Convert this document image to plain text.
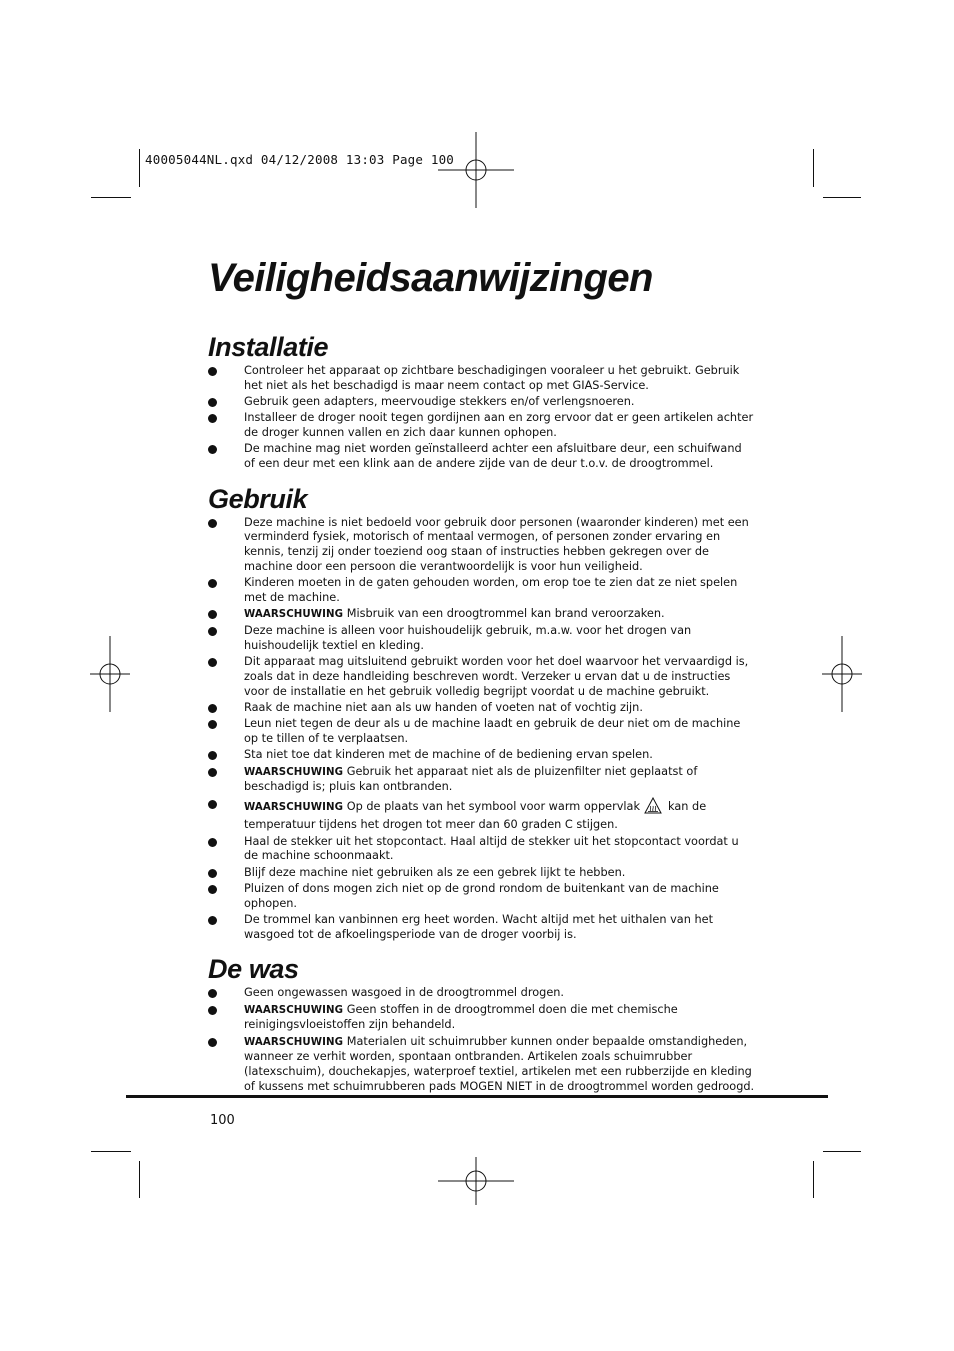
40005044NL.qxd 04/12/2008 13:03 Page 100
Veiligheidsaanwijzingen
Installatie
Controleer het apparaat op zichtbare beschadigingen vooraleer u het gebruikt. Gebruik het niet als het beschadigd is maar neem contact op met GIAS-Service.
Gebruik geen adapters, meervoudige stekkers en/of verlengsnoeren.
Installeer de droger nooit tegen gordijnen aan en zorg ervoor dat er geen artikelen achter de droger kunnen vallen en zich daar kunnen ophopen.
De machine mag niet worden geïnstalleerd achter een afsluitbare deur, een schuifwand of een deur met een klink aan de andere zijde van de deur t.o.v. de droogtrommel.
Gebruik
Deze machine is niet bedoeld voor gebruik door personen (waaronder kinderen) met een verminderd fysiek, motorisch of mentaal vermogen, of personen zonder ervaring en kennis, tenzij zij onder toeziend oog staan of instructies hebben gekregen over de machine door een persoon die verantwoordelijk is voor hun veiligheid.
Kinderen moeten in de gaten gehouden worden, om erop toe te zien dat ze niet spelen met de machine.
WAARSCHUWING Misbruik van een droogtrommel kan brand veroorzaken.
Deze machine is alleen voor huishoudelijk gebruik, m.a.w. voor het drogen van huishoudelijk textiel en kleding.
Dit apparaat mag uitsluitend gebruikt worden voor het doel waarvoor het vervaardigd is, zoals dat in deze handleiding beschreven wordt. Verzeker u ervan dat u de instructies voor de installatie en het gebruik volledig begrijpt voordat u de machine gebruikt.
Raak de machine niet aan als uw handen of voeten nat of vochtig zijn.
Leun niet tegen de deur als u de machine laadt en gebruik de deur niet om de machine op te tillen of te verplaatsen.
Sta niet toe dat kinderen met de machine of de bediening ervan spelen.
WAARSCHUWING Gebruik het apparaat niet als de pluizenfilter niet geplaatst of beschadigd is; pluis kan ontbranden.
WAARSCHUWING Op de plaats van het symbool voor warm oppervlak kan de temperatuur tijdens het drogen tot meer dan 60 graden C stijgen.
Haal de stekker uit het stopcontact. Haal altijd de stekker uit het stopcontact voordat u de machine schoonmaakt.
Blijf deze machine niet gebruiken als ze een gebrek lijkt te hebben.
Pluizen of dons mogen zich niet op de grond rondom de buitenkant van de machine ophopen.
De trommel kan vanbinnen erg heet worden. Wacht altijd met het uithalen van het wasgoed tot de afkoelingsperiode van de droger voorbij is.
De was
Geen ongewassen wasgoed in de droogtrommel drogen.
WAARSCHUWING Geen stoffen in de droogtrommel doen die met chemische reinigingsvloeistoffen zijn behandeld.
WAARSCHUWING Materialen uit schuimrubber kunnen onder bepaalde omstandigheden, wanneer ze verhit worden, spontaan ontbranden. Artikelen zoals schuimrubber (latexschuim), douchekapjes, waterproef textiel, artikelen met een rubberzijde en kleding of kussens met schuimrubberen pads MOGEN NIET in de droogtrommel worden gedroogd.
100
